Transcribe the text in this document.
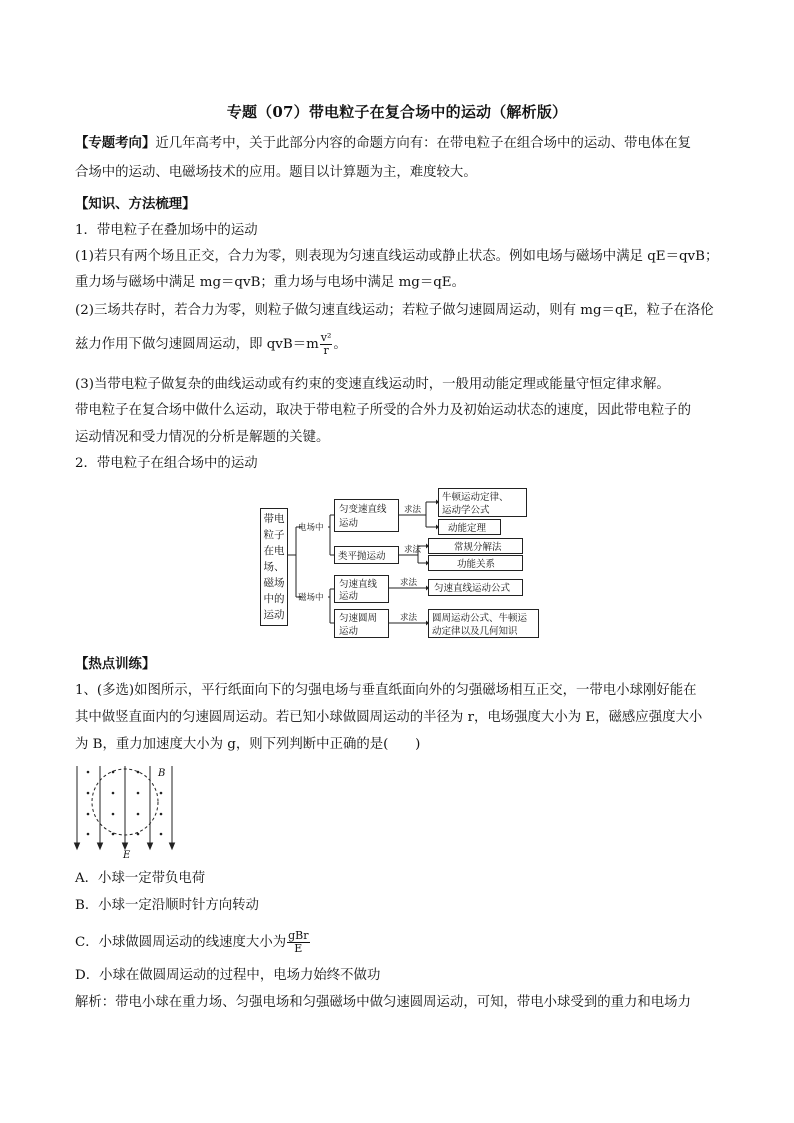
专题（07）带电粒子在复合场中的运动（解析版）
【专题考向】近几年高考中，关于此部分内容的命题方向有：在带电粒子在组合场中的运动、带电体在复
合场中的运动、电磁场技术的应用。题目以计算题为主，难度较大。
【知识、方法梳理】
1．带电粒子在叠加场中的运动
(1)若只有两个场且正交，合力为零，则表现为匀速直线运动或静止状态。例如电场与磁场中满足 qE＝qvB；
重力场与磁场中满足 mg＝qvB；重力场与电场中满足 mg＝qE。
(2)三场共存时，若合力为零，则粒子做匀速直线运动；若粒子做匀速圆周运动，则有 mg＝qE，粒子在洛伦
兹力作用下做匀速圆周运动，即 $qvB=m \frac{\text{v²}}{r}$ 。
(3)当带电粒子做复杂的曲线运动或有约束的变速直线运动时，一般用动能定理或能量守恒定律求解。
带电粒子在复合场中做什么运动，取决于带电粒子所受的合外力及初始运动状态的速度，因此带电粒子的
运动情况和受力情况的分析是解题的关键。
2．带电粒子在组合场中的运动
带电
粒子
在电
场、
磁场
中的
运动
电场中
磁场中
求法
求法
求法
求法
匀变速直线
运动
类平抛运动
匀速直线
运动
匀速圆周
运动
牛顿运动定律、
运动学公式
动能定理
常规分解法
功能关系
匀速直线运动公式
圆周运动公式、牛顿运
动定律以及几何知识
【热点训练】
1、(多选)如图所示，平行纸面向下的匀强电场与垂直纸面向外的匀强磁场相互正交，一带电小球刚好能在
其中做竖直面内的匀速圆周运动。若已知小球做圆周运动的半径为 r，电场强度大小为 E，磁感应强度大小
为 B，重力加速度大小为 g，则下列判断中正确的是(　　)
B
E
A．小球一定带负电荷
B．小球一定沿顺时针方向转动
C．小球做圆周运动的线速度大小为 $\frac{\text{gBr}}{E}$
D．小球在做圆周运动的过程中，电场力始终不做功
解析：带电小球在重力场、匀强电场和匀强磁场中做匀速圆周运动，可知，带电小球受到的重力和电场力
